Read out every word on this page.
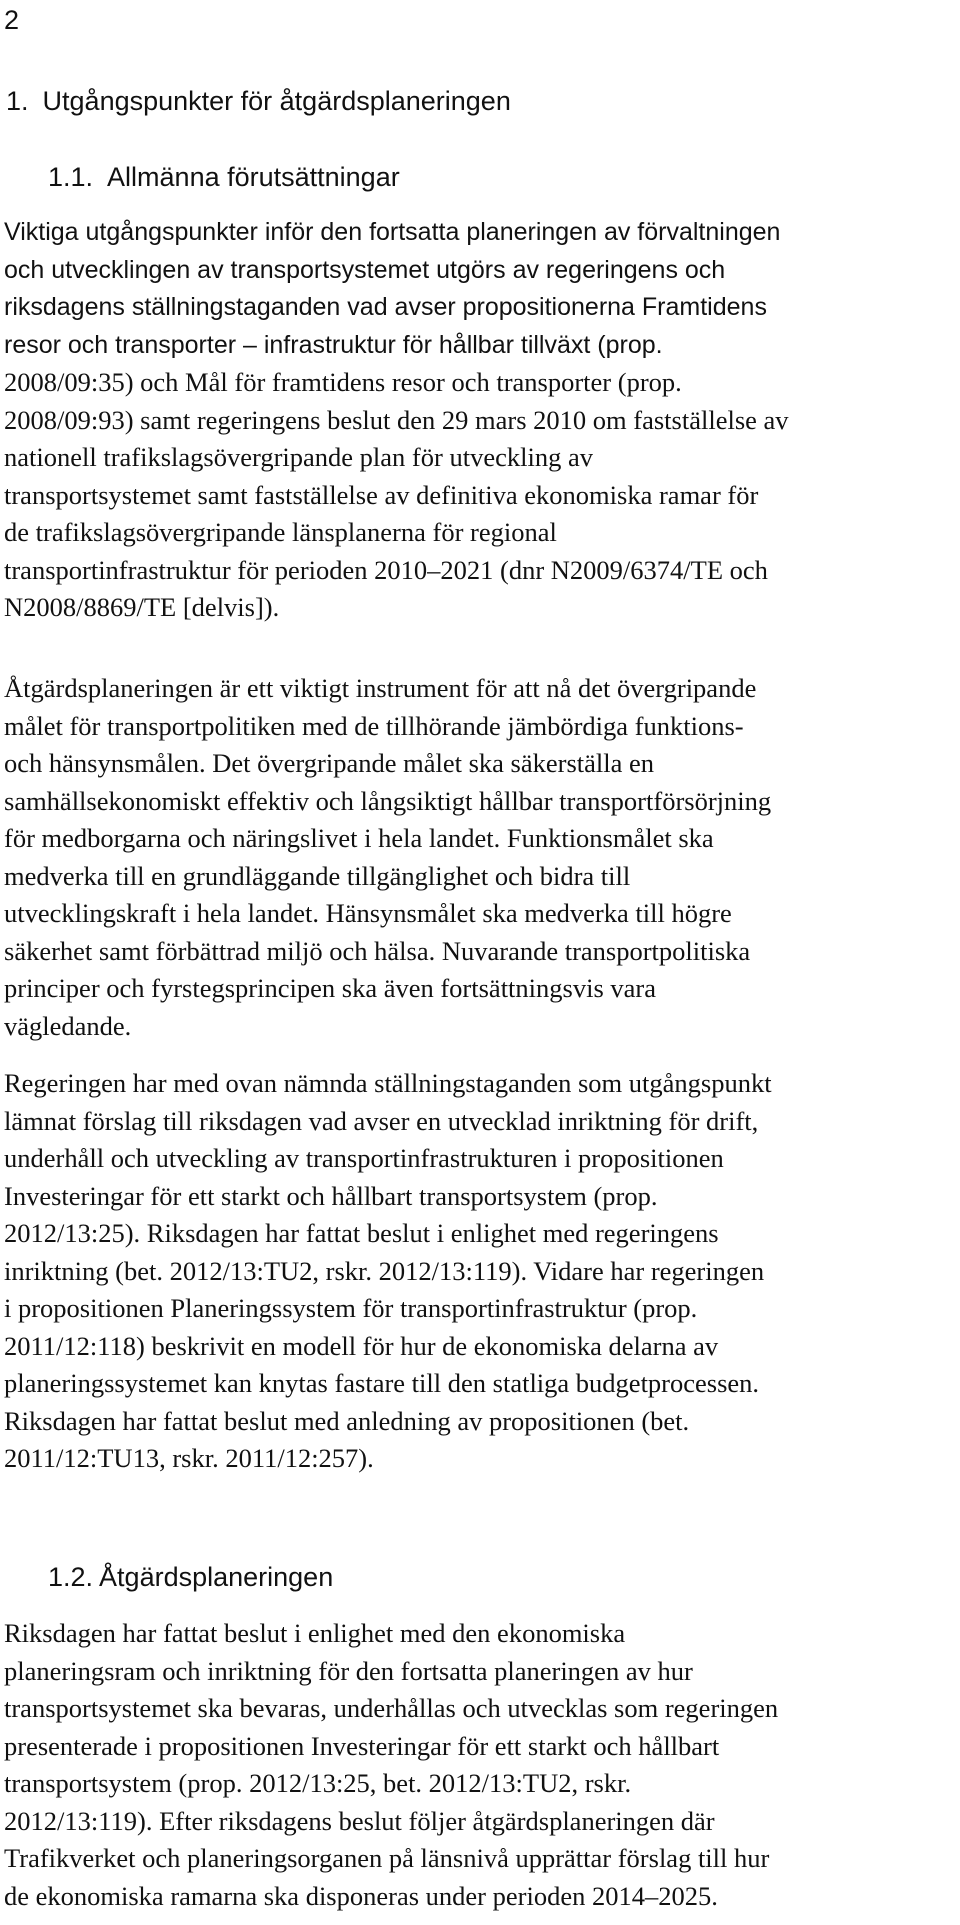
2
1. Utgångspunkter för åtgärdsplaneringen
1.1. Allmänna förutsättningar

Viktiga utgångspunkter inför den fortsatta planeringen av förvaltningen
och utvecklingen av transportsystemet utgörs av regeringens och
riksdagens ställningstaganden vad avser propositionerna Framtidens
resor och transporter – infrastruktur för hållbar tillväxt (prop.
2008/09:35) och Mål för framtidens resor och transporter (prop.
2008/09:93) samt regeringens beslut den 29 mars 2010 om fastställelse av
nationell trafikslagsövergripande plan för utveckling av
transportsystemet samt fastställelse av definitiva ekonomiska ramar för
de trafikslagsövergripande länsplanerna för regional
transportinfrastruktur för perioden 2010–2021 (dnr N2009/6374/TE och
N2008/8869/TE [delvis]).

Åtgärdsplaneringen är ett viktigt instrument för att nå det övergripande
målet för transportpolitiken med de tillhörande jämbördiga funktions-
och hänsynsmålen. Det övergripande målet ska säkerställa en
samhällsekonomiskt effektiv och långsiktigt hållbar transportförsörjning
för medborgarna och näringslivet i hela landet. Funktionsmålet ska
medverka till en grundläggande tillgänglighet och bidra till
utvecklingskraft i hela landet. Hänsynsmålet ska medverka till högre
säkerhet samt förbättrad miljö och hälsa. Nuvarande transportpolitiska
principer och fyrstegsprincipen ska även fortsättningsvis vara
vägledande.

Regeringen har med ovan nämnda ställningstaganden som utgångspunkt
lämnat förslag till riksdagen vad avser en utvecklad inriktning för drift,
underhåll och utveckling av transportinfrastrukturen i propositionen
Investeringar för ett starkt och hållbart transportsystem (prop.
2012/13:25). Riksdagen har fattat beslut i enlighet med regeringens
inriktning (bet. 2012/13:TU2, rskr. 2012/13:119). Vidare har regeringen
i propositionen Planeringssystem för transportinfrastruktur (prop.
2011/12:118) beskrivit en modell för hur de ekonomiska delarna av
planeringssystemet kan knytas fastare till den statliga budgetprocessen.
Riksdagen har fattat beslut med anledning av propositionen (bet.
2011/12:TU13, rskr. 2011/12:257).

1.2. Åtgärdsplaneringen

Riksdagen har fattat beslut i enlighet med den ekonomiska
planeringsram och inriktning för den fortsatta planeringen av hur
transportsystemet ska bevaras, underhållas och utvecklas som regeringen
presenterade i propositionen Investeringar för ett starkt och hållbart
transportsystem (prop. 2012/13:25, bet. 2012/13:TU2, rskr.
2012/13:119). Efter riksdagens beslut följer åtgärdsplaneringen där
Trafikverket och planeringsorganen på länsnivå upprättar förslag till hur
de ekonomiska ramarna ska disponeras under perioden 2014–2025.
